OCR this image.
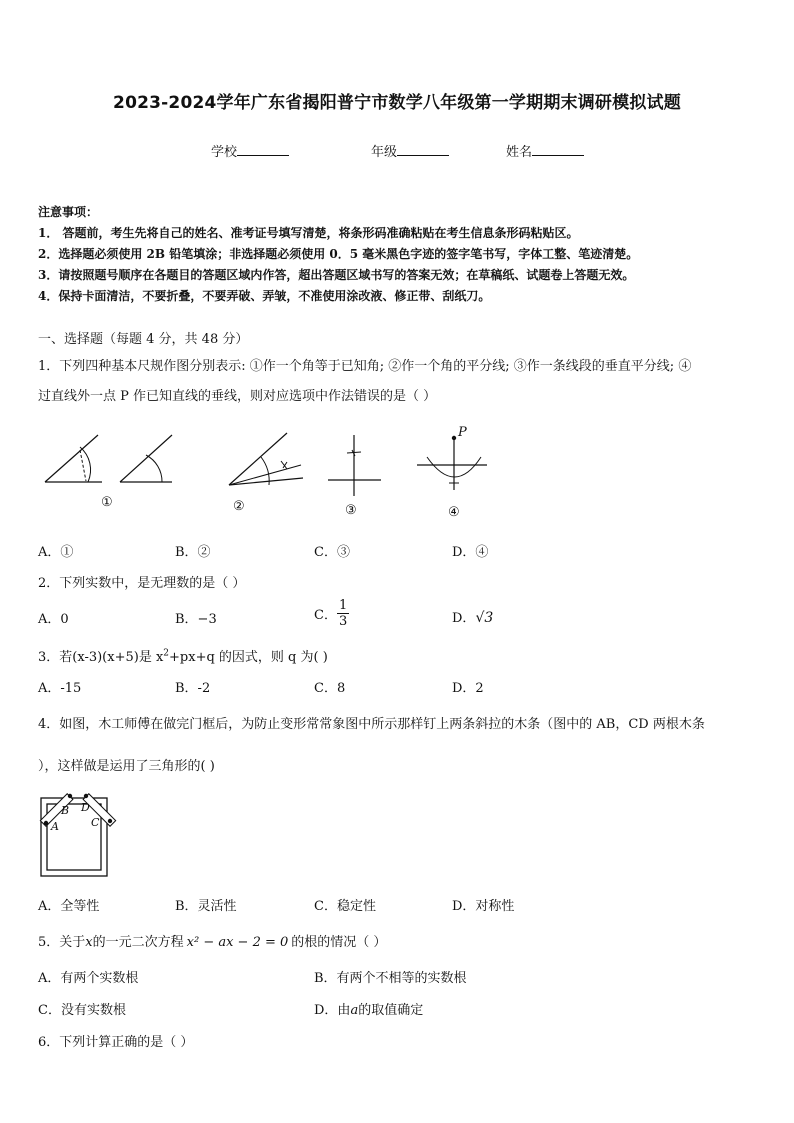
2023-2024学年广东省揭阳普宁市数学八年级第一学期期末调研模拟试题
学校	年级	姓名
注意事项：
1． 答题前，考生先将自己的姓名、准考证号填写清楚，将条形码准确粘贴在考生信息条形码粘贴区。
2．选择题必须使用 2B 铅笔填涂；非选择题必须使用 0．5 毫米黑色字迹的签字笔书写，字体工整、笔迹清楚。
3．请按照题号顺序在各题目的答题区域内作答，超出答题区域书写的答案无效；在草稿纸、试题卷上答题无效。
4．保持卡面清洁，不要折叠，不要弄破、弄皱，不准使用涂改液、修正带、刮纸刀。
一、选择题（每题 4 分，共 48 分）
1．下列四种基本尺规作图分别表示: ①作一个角等于已知角; ②作一个角的平分线; ③作一条线段的垂直平分线; ④
过直线外一点 P 作已知直线的垂线，则对应选项中作法错误的是（ ）
①	②	③
P
④
A．①	B．②	C．③	D．④
2．下列实数中，是无理数的是（ ）
A．0	B．−3	C． $\frac{1}{3}$	D．√3
3．若(x-3)(x+5)是 $x^2+px+q$ 的因式，则 q 为( )
A．-15	B．-2	C．8	D．2
4．如图，木工师傅在做完门框后，为防止变形常常象图中所示那样钉上两条斜拉的木条（图中的 AB，CD 两根木条
），这样做是运用了三角形的( )
A
B D
C
A．全等性	B．灵活性	C．稳定性	D．对称性
5．关于x的一元二次方程 x² − ax − 2 = 0 的根的情况（ ）
A．有两个实数根	B．有两个不相等的实数根
C．没有实数根	D．由a的取值确定
6．下列计算正确的是（ ）
